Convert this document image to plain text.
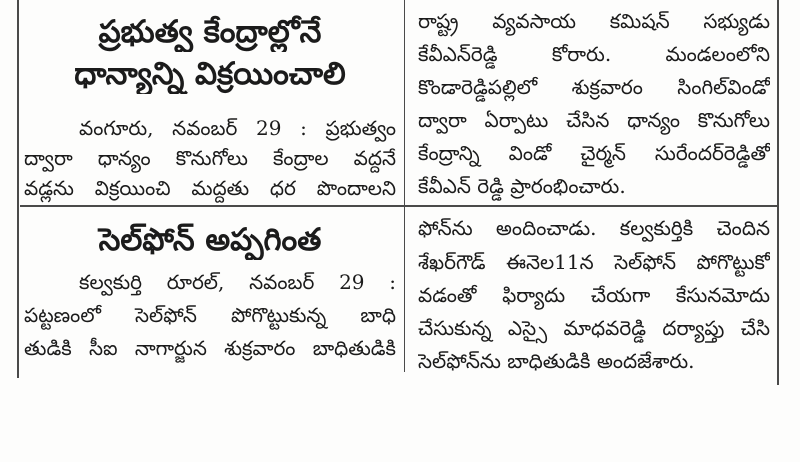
ప్రభుత్వ కేంద్రాల్లోనే
ధాన్యాన్ని విక్రయించాలి
వంగూరు, నవంబర్ 29 : ప్రభుత్వం
ద్వారా ధాన్యం కొనుగోలు కేంద్రాల వద్దనే
వడ్లను విక్రయించి మద్దతు ధర పొందాలని
రాష్ట్ర వ్యవసాయ కమిషన్ సభ్యుడు
కేవీఎన్‌రెడ్డి కోరారు. మండలంలోని
కొండారెడ్డిపల్లిలో శుక్రవారం సింగిల్‌విండో
ద్వారా ఏర్పాటు చేసిన ధాన్యం కొనుగోలు
కేంద్రాన్ని విండో చైర్మన్ సురేందర్‌రెడ్డితో
కేవీఎన్ రెడ్డి ప్రారంభించారు.
సెల్‌ఫోన్ అప్పగింత
కల్వకుర్తి రూరల్, నవంబర్ 29 :
పట్టణంలో సెల్‌ఫోన్ పోగొట్టుకున్న బాధి
తుడికి సీఐ నాగార్జున శుక్రవారం బాధితుడికి
ఫోన్‌ను అందించాడు. కల్వకుర్తికి చెందిన
శేఖర్‌గౌడ్ ఈనెల11న సెల్‌ఫోన్ పోగొట్టుకో
వడంతో ఫిర్యాదు చేయగా కేసునమోదు
చేసుకున్న ఎస్సై మాధవరెడ్డి దర్యాప్తు చేసి
సెల్‌ఫోన్‌ను బాధితుడికి అందజేశారు.
